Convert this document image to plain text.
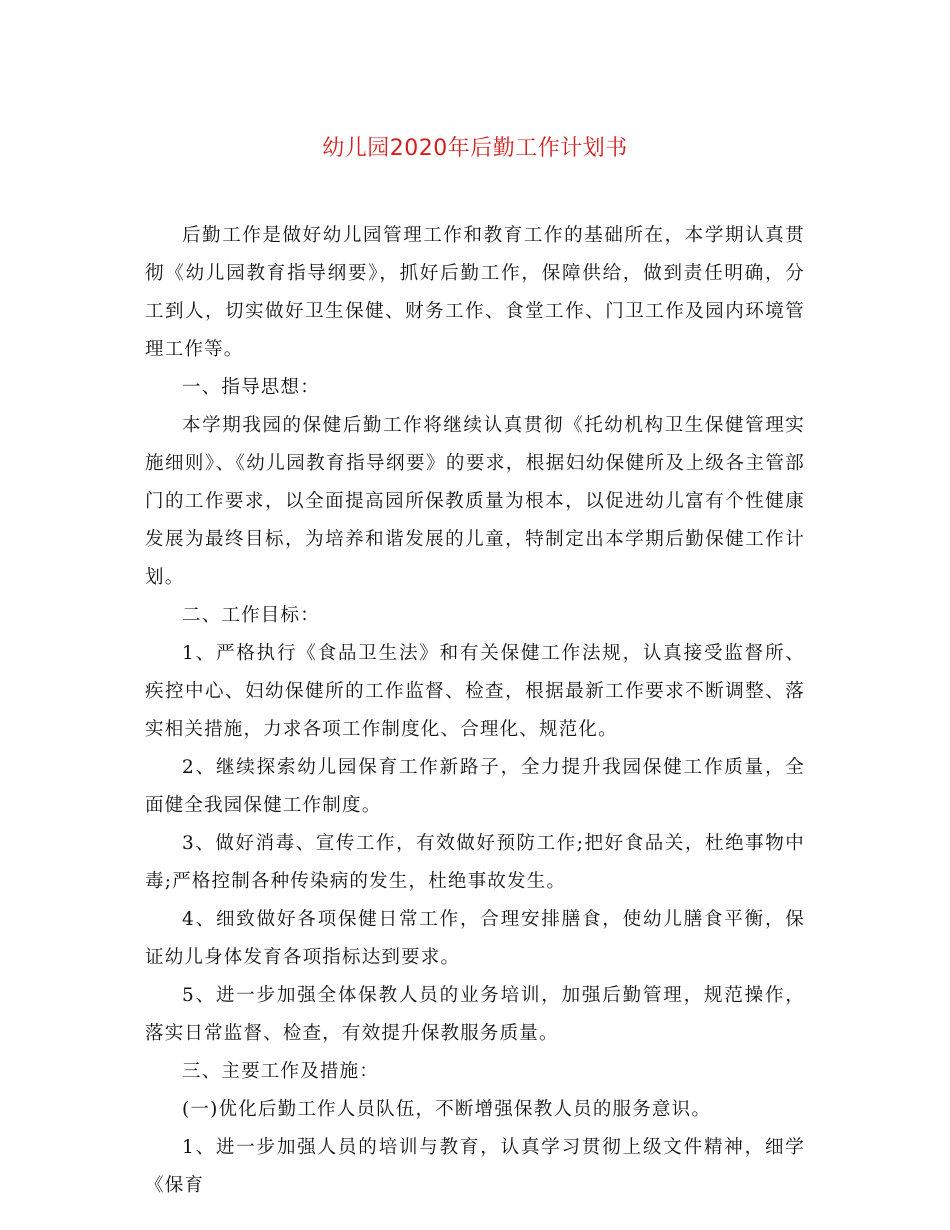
幼儿园2020年后勤工作计划书

后勤工作是做好幼儿园管理工作和教育工作的基础所在，本学期认真贯彻《幼儿园教育指导纲要》，抓好后勤工作，保障供给，做到责任明确，分工到人，切实做好卫生保健、财务工作、食堂工作、门卫工作及园内环境管理工作等。

一、指导思想：

本学期我园的保健后勤工作将继续认真贯彻《托幼机构卫生保健管理实施细则》、《幼儿园教育指导纲要》的要求，根据妇幼保健所及上级各主管部门的工作要求，以全面提高园所保教质量为根本，以促进幼儿富有个性健康发展为最终目标，为培养和谐发展的儿童，特制定出本学期后勤保健工作计划。

二、工作目标：

1、严格执行《食品卫生法》和有关保健工作法规，认真接受监督所、疾控中心、妇幼保健所的工作监督、检查，根据最新工作要求不断调整、落实相关措施，力求各项工作制度化、合理化、规范化。

2、继续探索幼儿园保育工作新路子，全力提升我园保健工作质量，全面健全我园保健工作制度。

3、做好消毒、宣传工作，有效做好预防工作;把好食品关，杜绝事物中毒;严格控制各种传染病的发生，杜绝事故发生。

4、细致做好各项保健日常工作，合理安排膳食，使幼儿膳食平衡，保证幼儿身体发育各项指标达到要求。

5、进一步加强全体保教人员的业务培训，加强后勤管理，规范操作，落实日常监督、检查，有效提升保教服务质量。

三、主要工作及措施：

(一)优化后勤工作人员队伍，不断增强保教人员的服务意识。

1、进一步加强人员的培训与教育，认真学习贯彻上级文件精神，细学《保育
